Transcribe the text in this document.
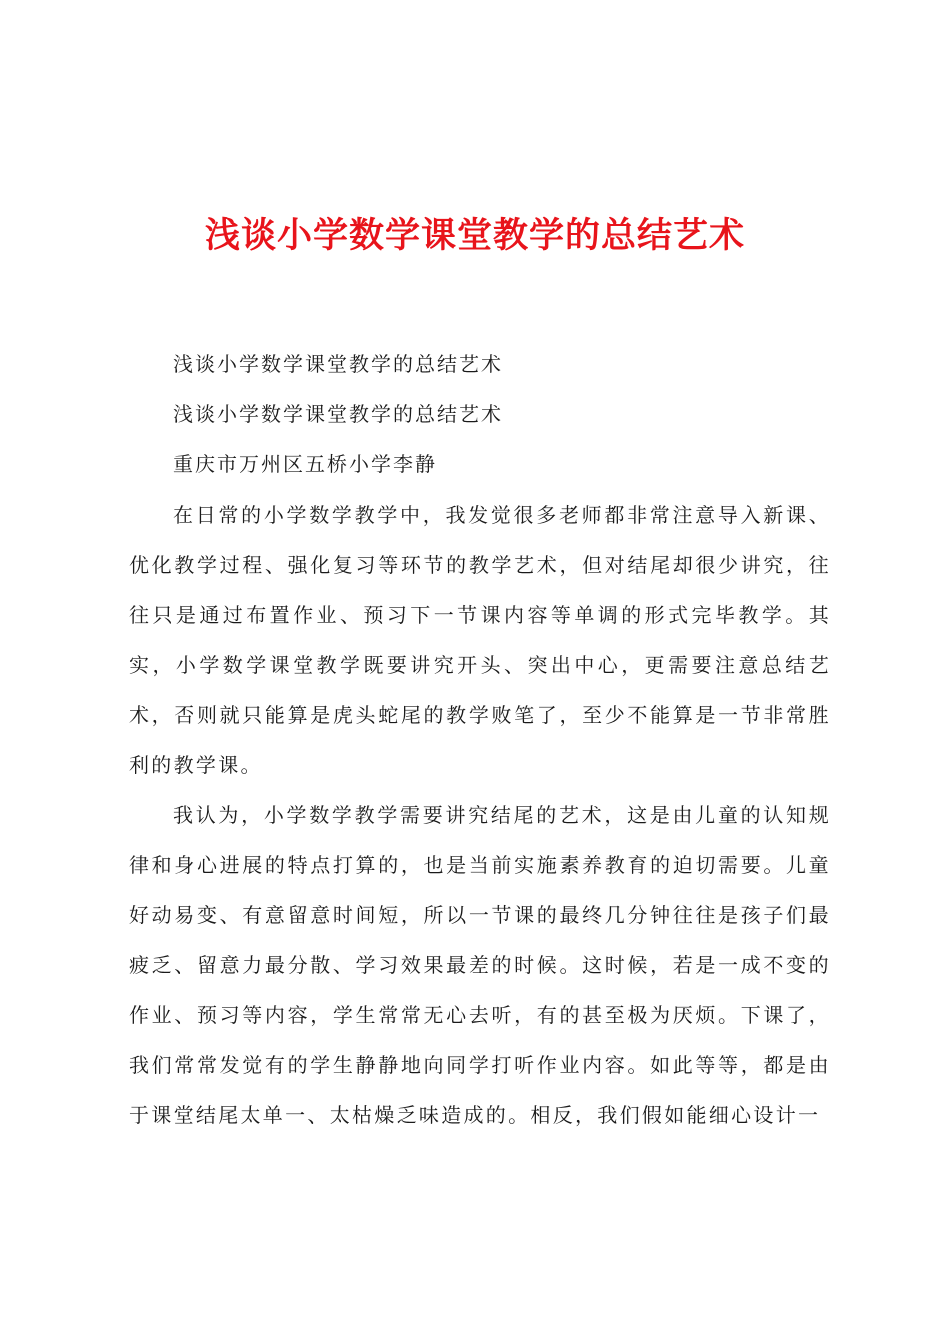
浅谈小学数学课堂教学的总结艺术
浅谈小学数学课堂教学的总结艺术
浅谈小学数学课堂教学的总结艺术
重庆市万州区五桥小学李静

在日常的小学数学教学中，我发觉很多老师都非常注意导入新课、优化教学过程、强化复习等环节的教学艺术，但对结尾却很少讲究，往往只是通过布置作业、预习下一节课内容等单调的形式完毕教学。其实，小学数学课堂教学既要讲究开头、突出中心，更需要注意总结艺术，否则就只能算是虎头蛇尾的教学败笔了，至少不能算是一节非常胜利的教学课。

我认为，小学数学教学需要讲究结尾的艺术，这是由儿童的认知规律和身心进展的特点打算的，也是当前实施素养教育的迫切需要。儿童好动易变、有意留意时间短，所以一节课的最终几分钟往往是孩子们最疲乏、留意力最分散、学习效果最差的时候。这时候，若是一成不变的作业、预习等内容，学生常常无心去听，有的甚至极为厌烦。下课了，我们常常发觉有的学生静静地向同学打听作业内容。如此等等，都是由于课堂结尾太单一、太枯燥乏味造成的。相反，我们假如能细心设计一
